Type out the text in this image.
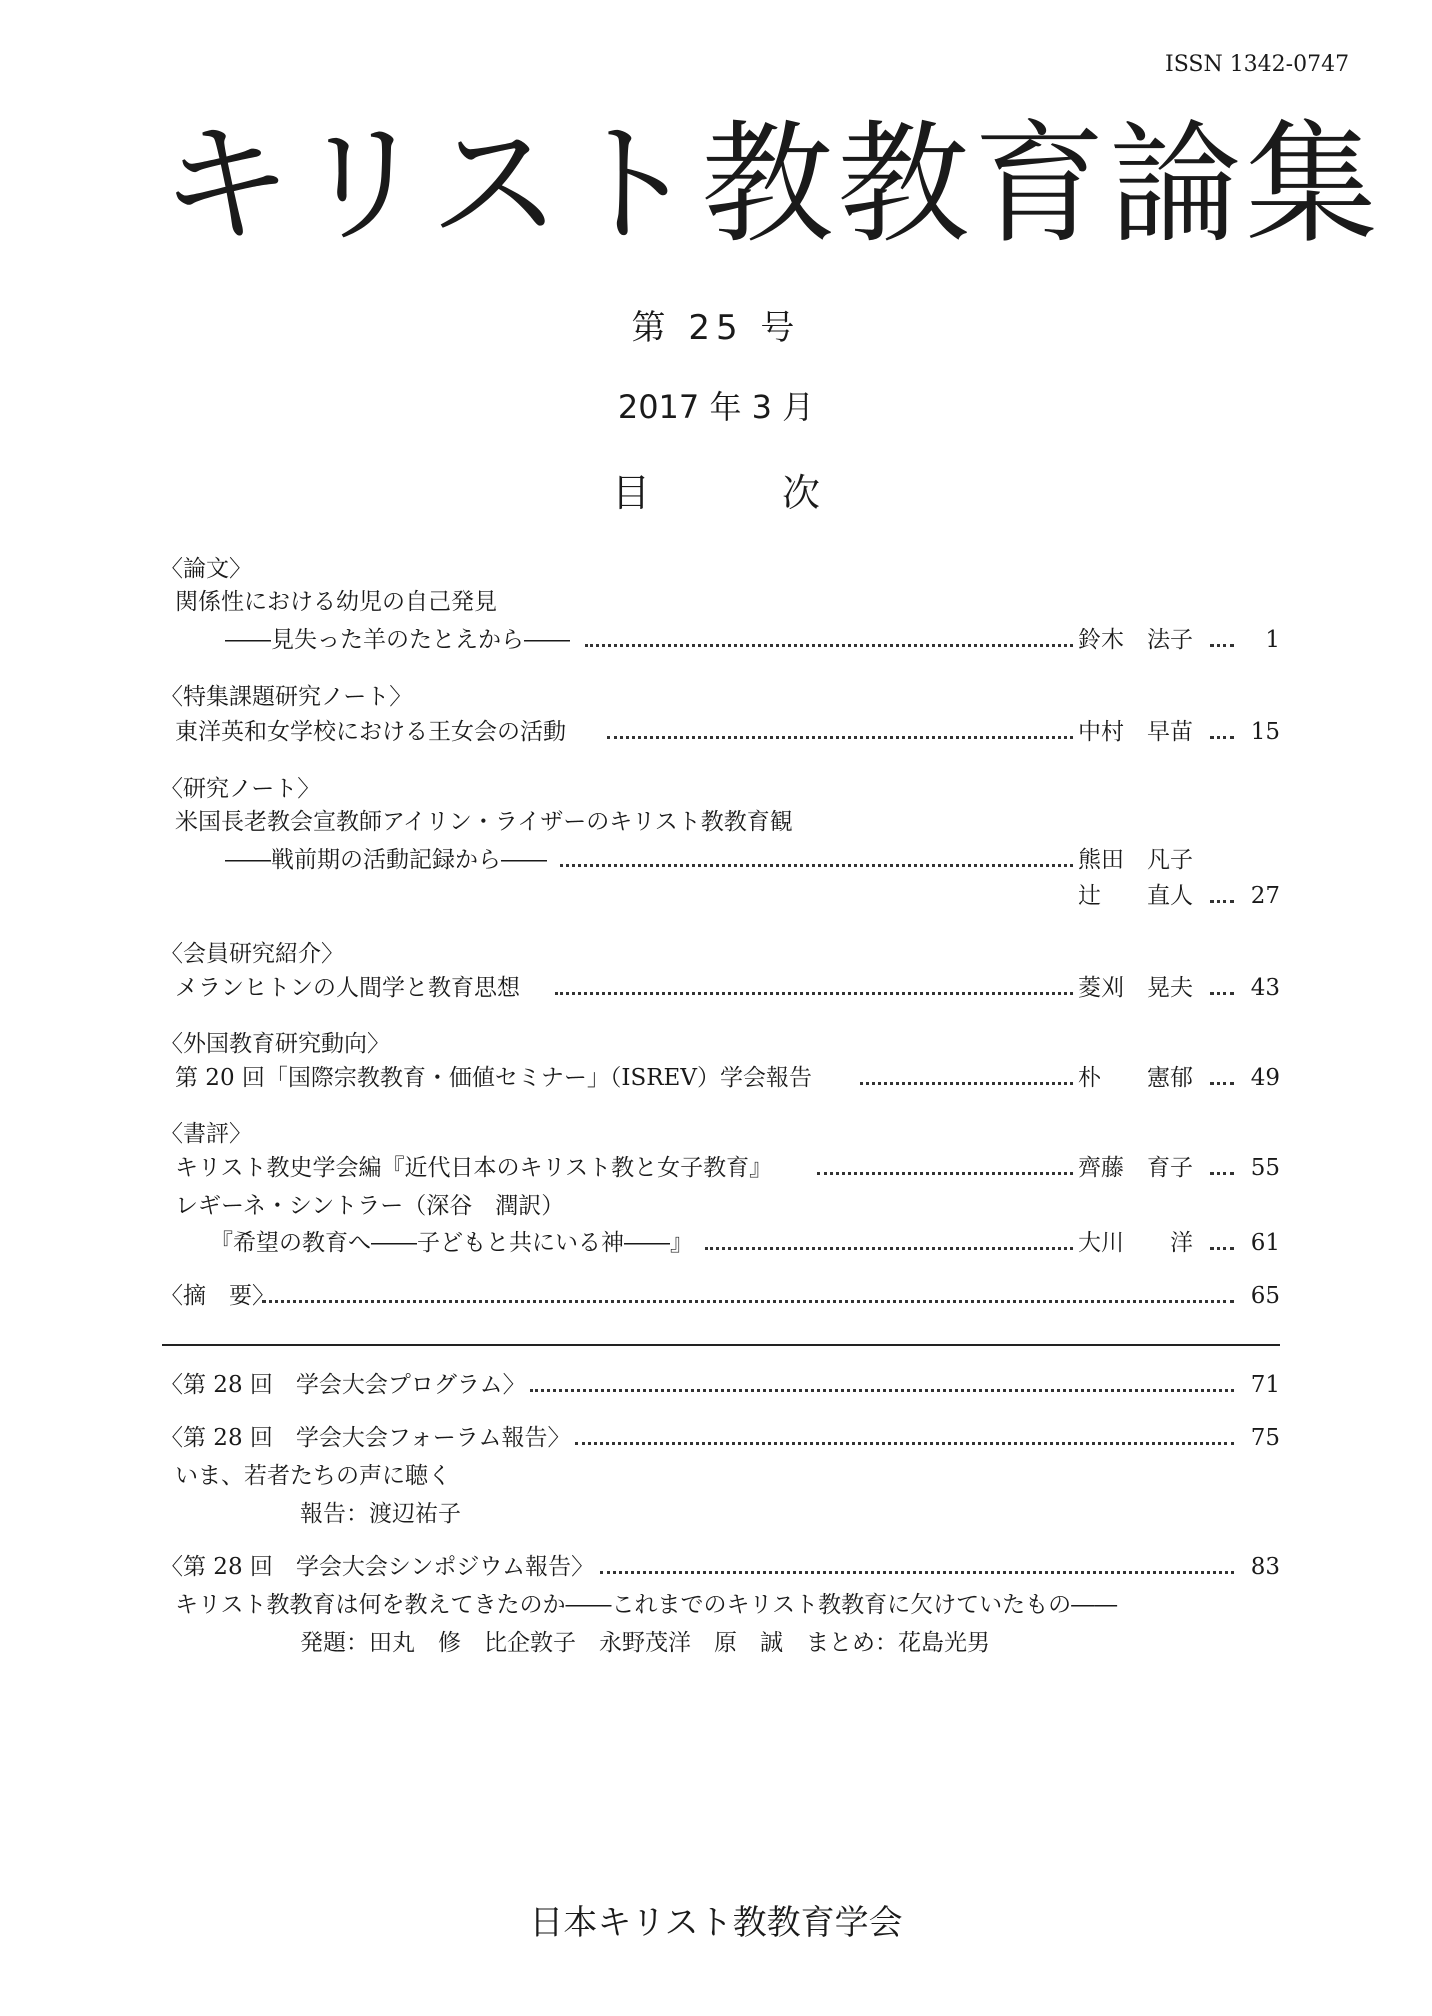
ISSN 1342-0747
キリスト教教育論集
第 25 号
2017 年 3 月
目 次
〈論文〉
関係性における幼児の自己発見
――見失った羊のたとえから――	鈴木　法子	1
〈特集課題研究ノート〉
東洋英和女学校における王女会の活動	中村　早苗	15
〈研究ノート〉
米国長老教会宣教師アイリン・ライザーのキリスト教教育観
――戦前期の活動記録から――	熊田　凡子
辻　　直人	27
〈会員研究紹介〉
メランヒトンの人間学と教育思想	菱刈　晃夫	43
〈外国教育研究動向〉
第 20 回「国際宗教教育・価値セミナー」（ISREV）学会報告	朴　　憲郁	49
〈書評〉
キリスト教史学会編『近代日本のキリスト教と女子教育』	齊藤　育子	55
レギーネ・シントラー（深谷　潤訳）
『希望の教育へ――子どもと共にいる神――』	大川　　洋	61
〈摘　要〉	65
〈第 28 回　学会大会プログラム〉	71
〈第 28 回　学会大会フォーラム報告〉	75
いま、若者たちの声に聴く
報告：渡辺祐子
〈第 28 回　学会大会シンポジウム報告〉	83
キリスト教教育は何を教えてきたのか――これまでのキリスト教教育に欠けていたもの――
発題：田丸　修　比企敦子　永野茂洋　原　誠　まとめ：花島光男
日本キリスト教教育学会
